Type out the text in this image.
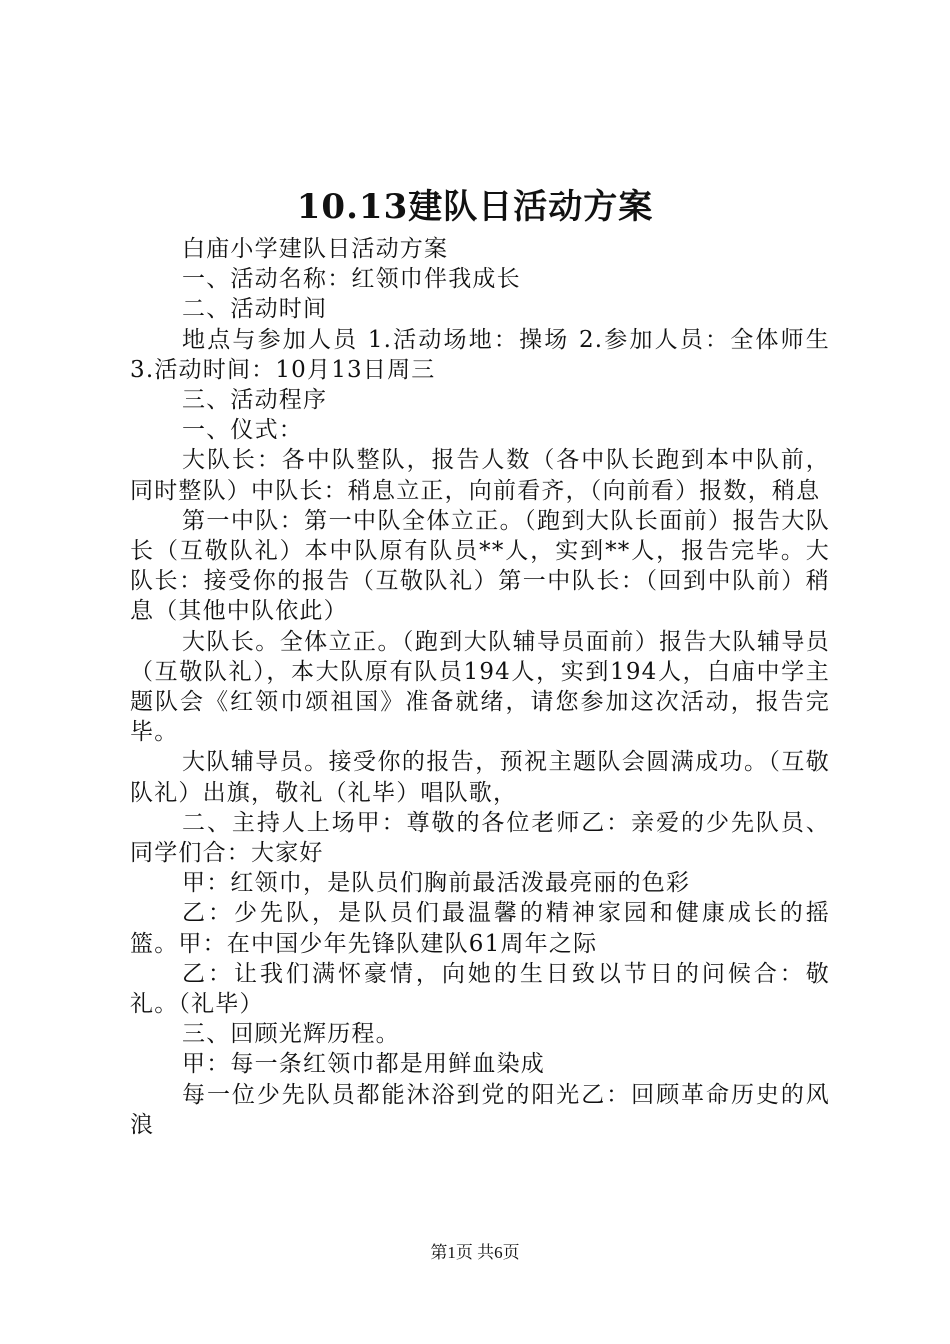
10.13建队日活动方案

白庙小学建队日活动方案

一、活动名称：红领巾伴我成长

二、活动时间

地点与参加人员 1.活动场地：操场 2.参加人员：全体师生 3.活动时间：10月13日周三

三、活动程序

一、仪式：

大队长：各中队整队，报告人数（各中队长跑到本中队前，同时整队）中队长：稍息立正，向前看齐，（向前看）报数，稍息

第一中队：第一中队全体立正。（跑到大队长面前）报告大队长（互敬队礼）本中队原有队员**人，实到**人，报告完毕。大队长：接受你的报告（互敬队礼）第一中队长：（回到中队前）稍息（其他中队依此）

大队长。全体立正。（跑到大队辅导员面前）报告大队辅导员（互敬队礼），本大队原有队员194人，实到194人，白庙中学主题队会《红领巾颂祖国》准备就绪，请您参加这次活动，报告完毕。

大队辅导员。接受你的报告，预祝主题队会圆满成功。（互敬队礼）出旗，敬礼（礼毕）唱队歌，

二、主持人上场甲：尊敬的各位老师乙：亲爱的少先队员、同学们合：大家好

甲：红领巾，是队员们胸前最活泼最亮丽的色彩

乙：少先队，是队员们最温馨的精神家园和健康成长的摇篮。甲：在中国少年先锋队建队61周年之际

乙：让我们满怀豪情，向她的生日致以节日的问候合：敬礼。（礼毕）

三、回顾光辉历程。

甲：每一条红领巾都是用鲜血染成

每一位少先队员都能沐浴到党的阳光乙：回顾革命历史的风浪

第1页 共6页
